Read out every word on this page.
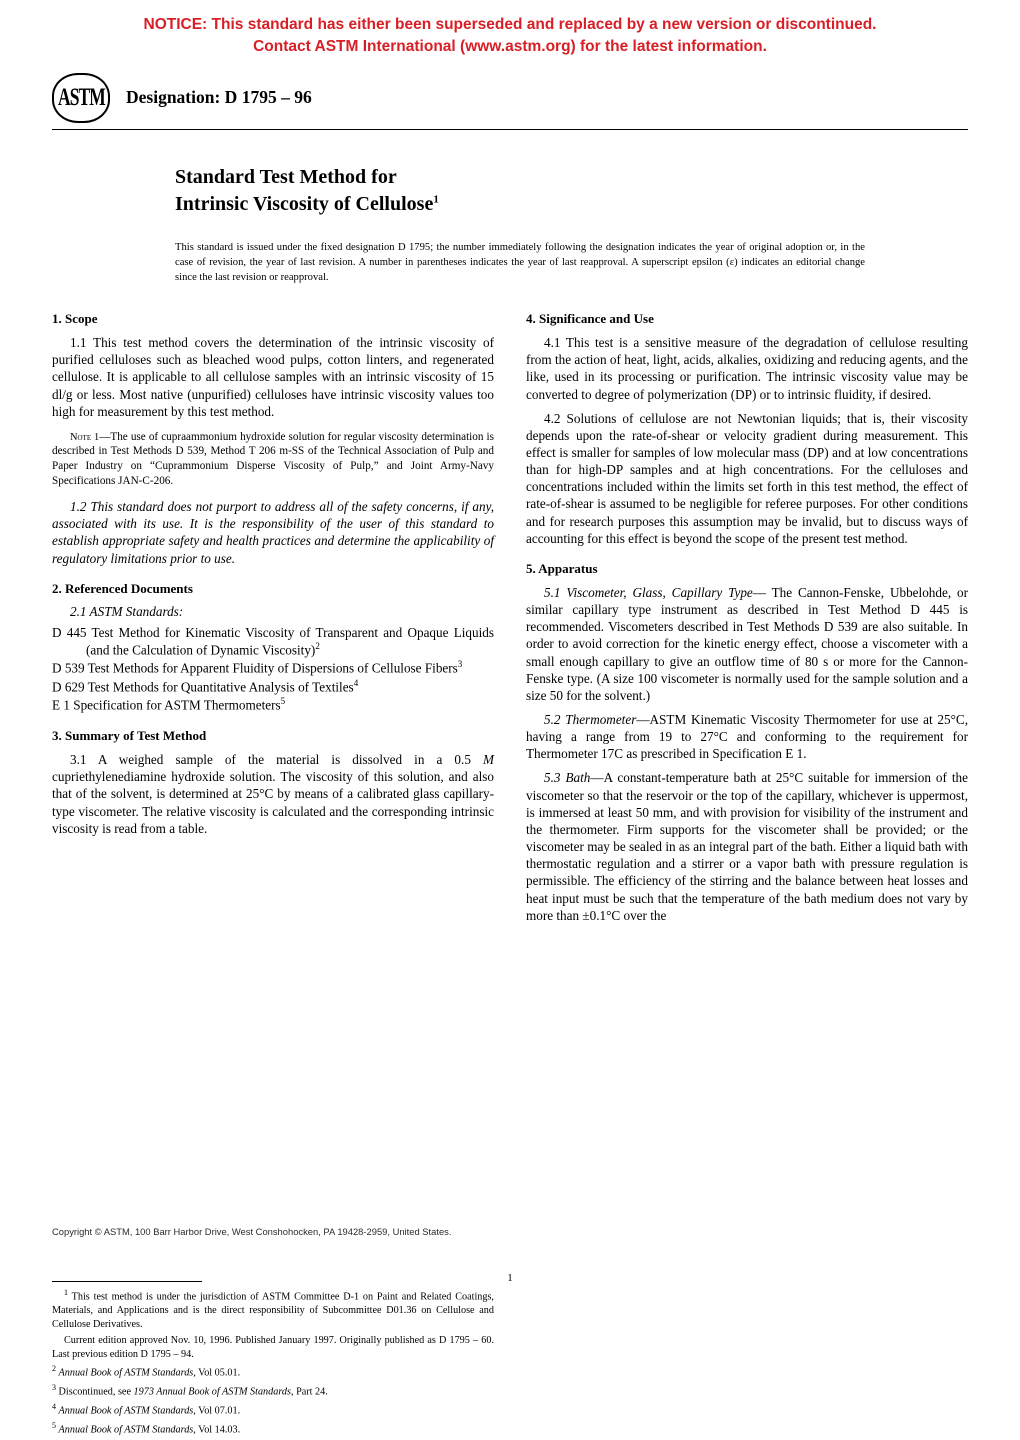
NOTICE: This standard has either been superseded and replaced by a new version or discontinued.
Contact ASTM International (www.astm.org) for the latest information.
ASTM Designation: D 1795 – 96
Standard Test Method for
Intrinsic Viscosity of Cellulose$^1$
This standard is issued under the fixed designation D 1795; the number immediately following the designation indicates the year of original adoption or, in the case of revision, the year of last revision. A number in parentheses indicates the year of last reapproval. A superscript epsilon (ε) indicates an editorial change since the last revision or reapproval.
1. Scope

1.1 This test method covers the determination of the intrinsic viscosity of purified celluloses such as bleached wood pulps, cotton linters, and regenerated cellulose. It is applicable to all cellulose samples with an intrinsic viscosity of 15 dl/g or less. Most native (unpurified) celluloses have intrinsic viscosity values too high for measurement by this test method.

Note 1—The use of cupraammonium hydroxide solution for regular viscosity determination is described in Test Methods D 539, Method T 206 m-SS of the Technical Association of Pulp and Paper Industry on “Cuprammonium Disperse Viscosity of Pulp,” and Joint Army-Navy Specifications JAN-C-206.

1.2 This standard does not purport to address all of the safety concerns, if any, associated with its use. It is the responsibility of the user of this standard to establish appropriate safety and health practices and determine the applicability of regulatory limitations prior to use.

2. Referenced Documents
2.1 ASTM Standards:
D 445 Test Method for Kinematic Viscosity of Transparent and Opaque Liquids (and the Calculation of Dynamic Viscosity)$^2$
D 539 Test Methods for Apparent Fluidity of Dispersions of Cellulose Fibers$^3$
D 629 Test Methods for Quantitative Analysis of Textiles$^4$
E 1 Specification for ASTM Thermometers$^5$
3. Summary of Test Method

3.1 A weighed sample of the material is dissolved in a 0.5 M cupriethylenediamine hydroxide solution. The viscosity of this solution, and also that of the solvent, is determined at 25°C by means of a calibrated glass capillary-type viscometer. The relative viscosity is calculated and the corresponding intrinsic viscosity is read from a table.

$^1$ This test method is under the jurisdiction of ASTM Committee D-1 on Paint and Related Coatings, Materials, and Applications and is the direct responsibility of Subcommittee D01.36 on Cellulose and Cellulose Derivatives.
Current edition approved Nov. 10, 1996. Published January 1997. Originally published as D 1795 – 60. Last previous edition D 1795 – 94.
$^2$ Annual Book of ASTM Standards, Vol 05.01.
$^3$ Discontinued, see 1973 Annual Book of ASTM Standards, Part 24.
$^4$ Annual Book of ASTM Standards, Vol 07.01.
$^5$ Annual Book of ASTM Standards, Vol 14.03.
4. Significance and Use

4.1 This test is a sensitive measure of the degradation of cellulose resulting from the action of heat, light, acids, alkalies, oxidizing and reducing agents, and the like, used in its processing or purification. The intrinsic viscosity value may be converted to degree of polymerization (DP) or to intrinsic fluidity, if desired.

4.2 Solutions of cellulose are not Newtonian liquids; that is, their viscosity depends upon the rate-of-shear or velocity gradient during measurement. This effect is smaller for samples of low molecular mass (DP) and at low concentrations than for high-DP samples and at high concentrations. For the celluloses and concentrations included within the limits set forth in this test method, the effect of rate-of-shear is assumed to be negligible for referee purposes. For other conditions and for research purposes this assumption may be invalid, but to discuss ways of accounting for this effect is beyond the scope of the present test method.

5. Apparatus

5.1 Viscometer, Glass, Capillary Type— The Cannon-Fenske, Ubbelohde, or similar capillary type instrument as described in Test Method D 445 is recommended. Viscometers described in Test Methods D 539 are also suitable. In order to avoid correction for the kinetic energy effect, choose a viscometer with a small enough capillary to give an outflow time of 80 s or more for the Cannon-Fenske type. (A size 100 viscometer is normally used for the sample solution and a size 50 for the solvent.)

5.2 Thermometer—ASTM Kinematic Viscosity Thermometer for use at 25°C, having a range from 19 to 27°C and conforming to the requirement for Thermometer 17C as prescribed in Specification E 1.

5.3 Bath—A constant-temperature bath at 25°C suitable for immersion of the viscometer so that the reservoir or the top of the capillary, whichever is uppermost, is immersed at least 50 mm, and with provision for visibility of the instrument and the thermometer. Firm supports for the viscometer shall be provided; or the viscometer may be sealed in as an integral part of the bath. Either a liquid bath with thermostatic regulation and a stirrer or a vapor bath with pressure regulation is permissible. The efficiency of the stirring and the balance between heat losses and heat input must be such that the temperature of the bath medium does not vary by more than ±0.1°C over the

Copyright © ASTM, 100 Barr Harbor Drive, West Conshohocken, PA 19428-2959, United States.
1
